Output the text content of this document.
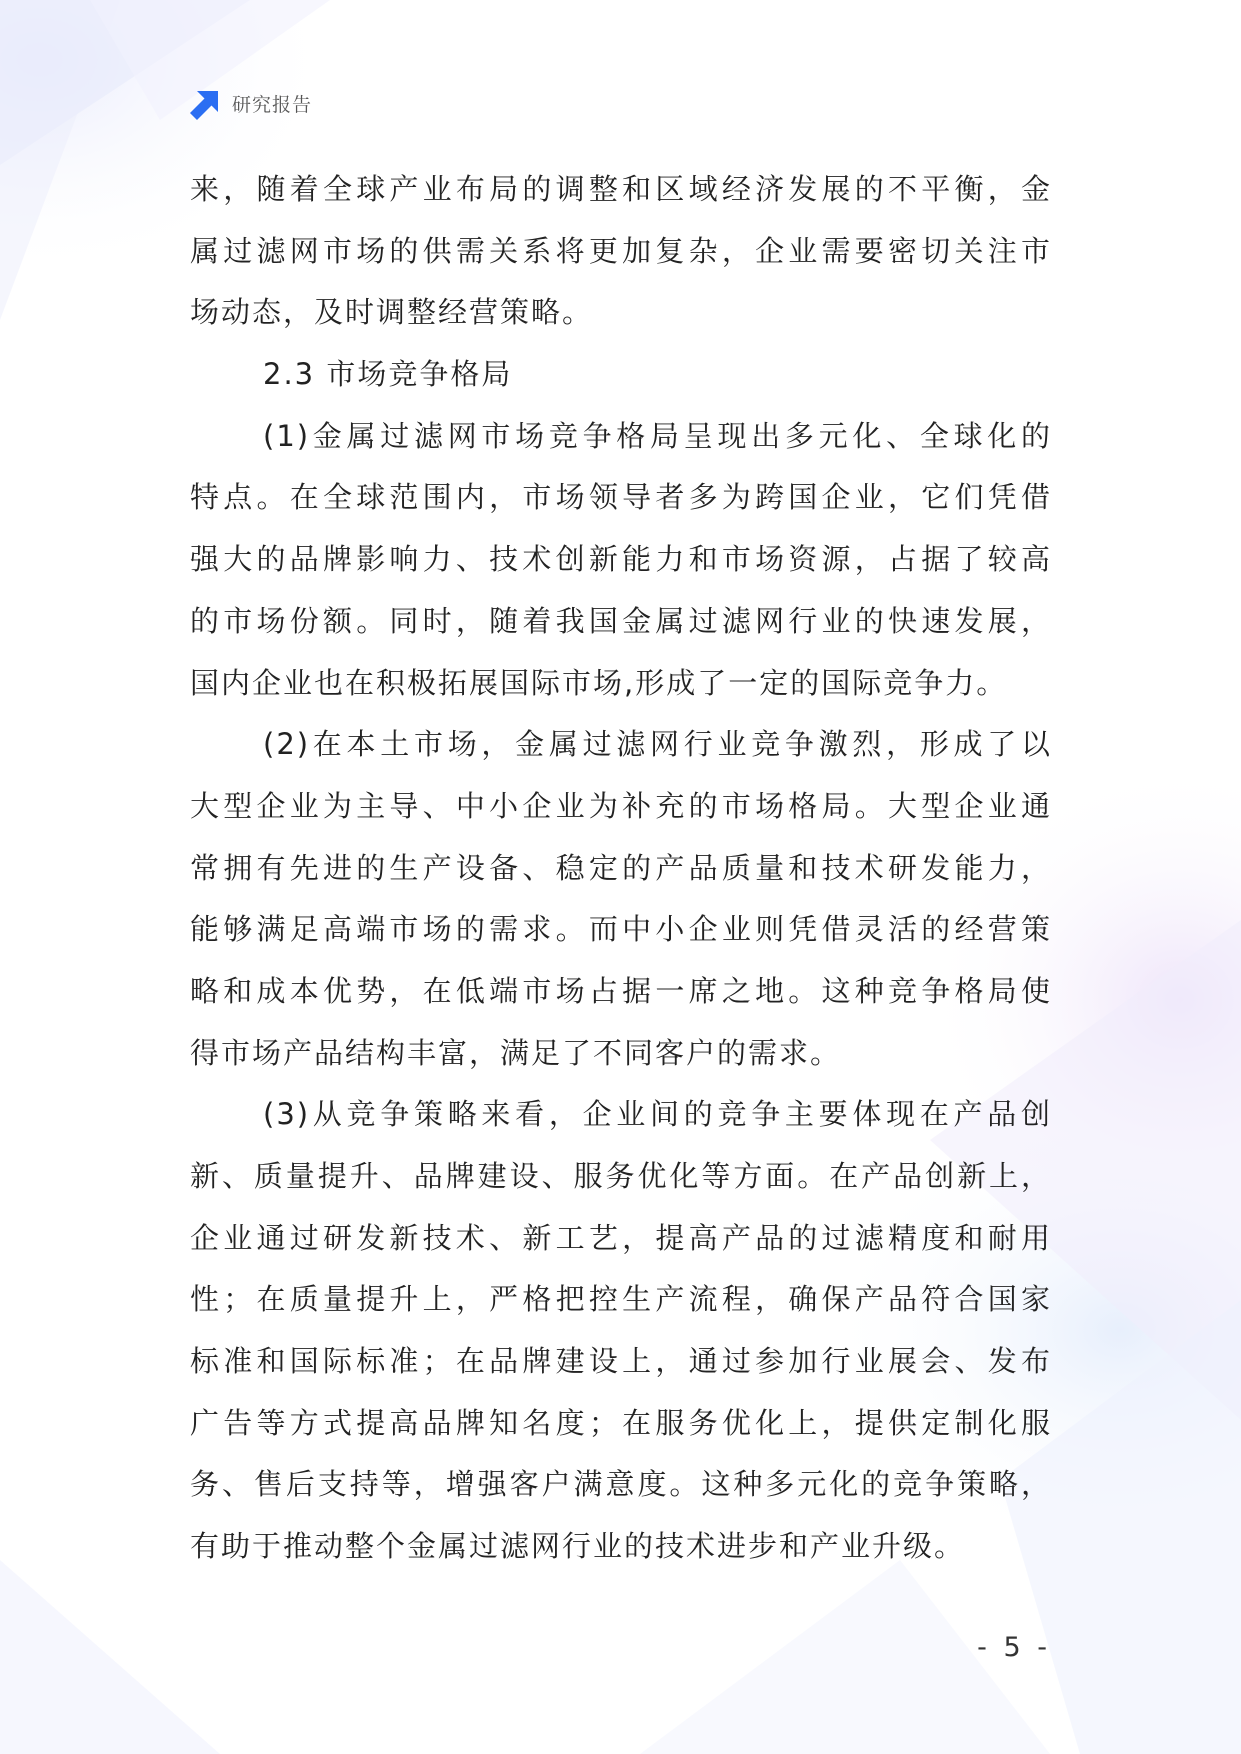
研究报告
来，随着全球产业布局的调整和区域经济发展的不平衡，金
属过滤网市场的供需关系将更加复杂，企业需要密切关注市
场动态，及时调整经营策略。
2.3 市场竞争格局
(1)金属过滤网市场竞争格局呈现出多元化、全球化的
特点。在全球范围内，市场领导者多为跨国企业，它们凭借
强大的品牌影响力、技术创新能力和市场资源，占据了较高
的市场份额。同时，随着我国金属过滤网行业的快速发展，
国内企业也在积极拓展国际市场,形成了一定的国际竞争力。
(2)在本土市场，金属过滤网行业竞争激烈，形成了以
大型企业为主导、中小企业为补充的市场格局。大型企业通
常拥有先进的生产设备、稳定的产品质量和技术研发能力，
能够满足高端市场的需求。而中小企业则凭借灵活的经营策
略和成本优势，在低端市场占据一席之地。这种竞争格局使
得市场产品结构丰富，满足了不同客户的需求。
(3)从竞争策略来看，企业间的竞争主要体现在产品创
新、质量提升、品牌建设、服务优化等方面。在产品创新上，
企业通过研发新技术、新工艺，提高产品的过滤精度和耐用
性；在质量提升上，严格把控生产流程，确保产品符合国家
标准和国际标准；在品牌建设上，通过参加行业展会、发布
广告等方式提高品牌知名度；在服务优化上，提供定制化服
务、售后支持等，增强客户满意度。这种多元化的竞争策略，
有助于推动整个金属过滤网行业的技术进步和产业升级。
- 5 -
